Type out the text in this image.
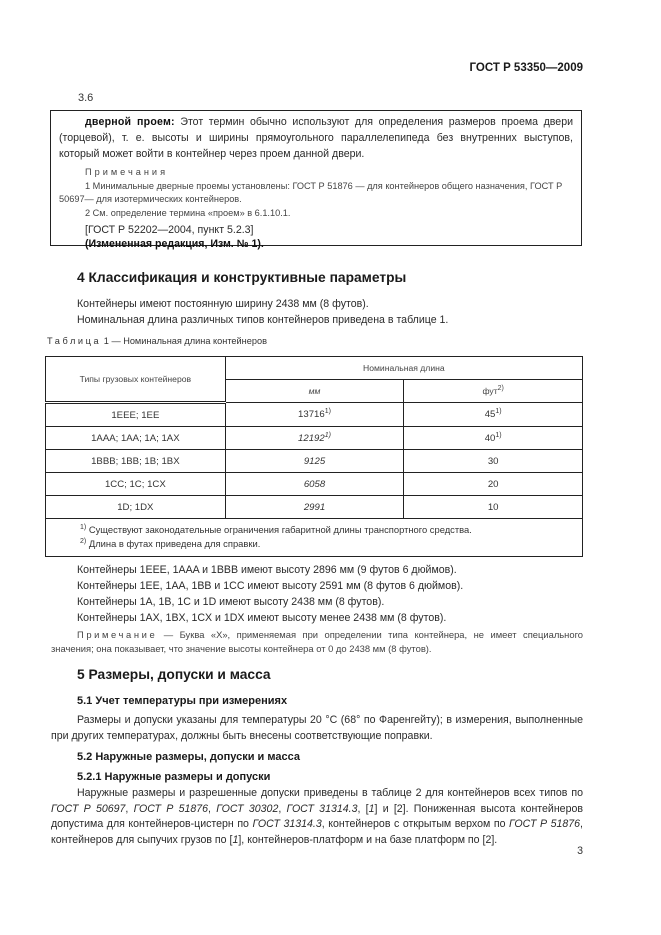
ГОСТ Р 53350—2009
3.6

дверной проем: Этот термин обычно используют для определения размеров проема двери (торцевой), т. е. высоты и ширины прямоугольного параллелепипеда без внутренних выступов, который может войти в контейнер через проем данной двери.

Примечания

1 Минимальные дверные проемы установлены: ГОСТ Р 51876 — для контейнеров общего назначения, ГОСТ Р 50697— для изотермических контейнеров.

2 См. определение термина «проем» в 6.1.10.1.

[ГОСТ Р 52202—2004, пункт 5.2.3]

(Измененная редакция, Изм. № 1).

4 Классификация и конструктивные параметры
Контейнеры имеют постоянную ширину 2438 мм (8 футов).
Номинальная длина различных типов контейнеров приведена в таблице 1.
Таблица 1 — Номинальная длина контейнеров
Типы грузовых контейнеров	Номинальная длина	
	мм	фут$^{2)}$
1EEE; 1EE	13716$^{1)}$	45$^{1)}$
1AAA; 1AA; 1A; 1AX	12192$^{1)}$	40$^{1)}$
1BBB; 1BB; 1B; 1BX	9125	30
1CC; 1C; 1CX	6058	20
1D; 1DX	2991	10

$^{1)}$ Существуют законодательные ограничения габаритной длины транспортного средства.
$^{2)}$ Длина в футах приведена для справки.		
Контейнеры 1EEE, 1AAA и 1BBB имеют высоту 2896 мм (9 футов 6 дюймов).
Контейнеры 1EE, 1AA, 1BB и 1CC имеют высоту 2591 мм (8 футов 6 дюймов).
Контейнеры 1A, 1B, 1C и 1D имеют высоту 2438 мм (8 футов).
Контейнеры 1AX, 1BX, 1CX и 1DX имеют высоту менее 2438 мм (8 футов).
Примечание — Буква «X», применяемая при определении типа контейнера, не имеет специального значения; она показывает, что значение высоты контейнера от 0 до 2438 мм (8 футов).
5 Размеры, допуски и масса
5.1 Учет температуры при измерениях
Размеры и допуски указаны для температуры 20 °С (68° по Фаренгейту); в измерения, выполненные при других температурах, должны быть внесены соответствующие поправки.
5.2 Наружные размеры, допуски и масса
5.2.1 Наружные размеры и допуски
Наружные размеры и разрешенные допуски приведены в таблице 2 для контейнеров всех типов по ГОСТ Р 50697, ГОСТ Р 51876, ГОСТ 30302, ГОСТ 31314.3, [1] и [2]. Пониженная высота контейнеров допустима для контейнеров-цистерн по ГОСТ 31314.3, контейнеров с открытым верхом по ГОСТ Р 51876, контейнеров для сыпучих грузов по [1], контейнеров-платформ и на базе платформ по [2].
3
